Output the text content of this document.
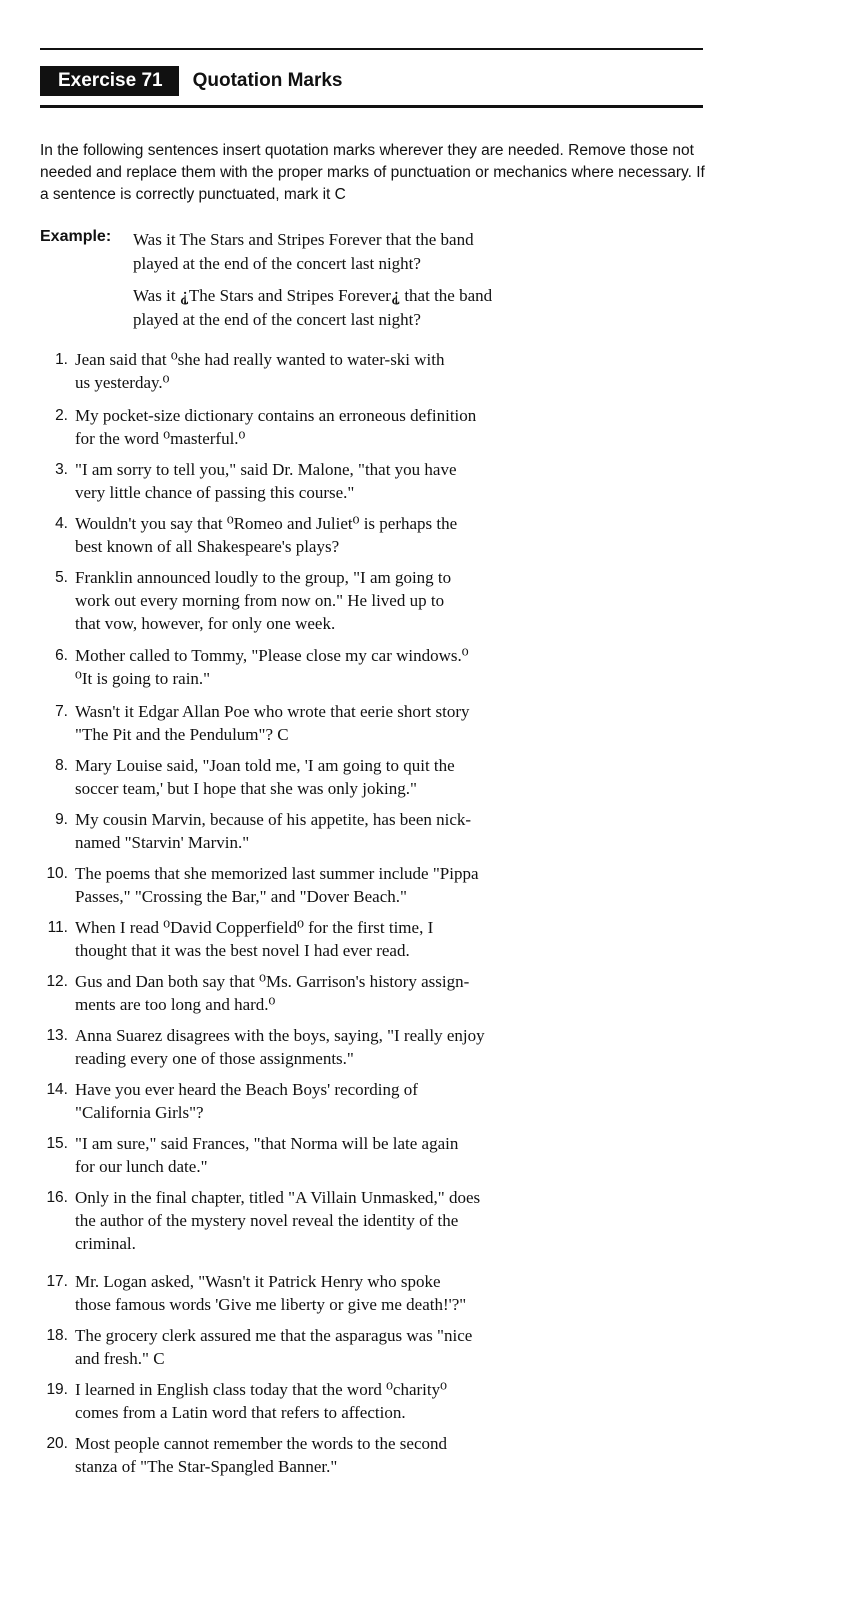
Exercise 71	Quotation Marks
In the following sentences insert quotation marks wherever they are needed. Remove those not needed and replace them with the proper marks of punctuation or mechanics where necessary. If a sentence is correctly punctuated, mark it C
Example: Was it The Stars and Stripes Forever that the band
played at the end of the concert last night?
Was it ⸘The Stars and Stripes Forever⸘ that the band
played at the end of the concert last night?
1. Jean said that ⁰she had really wanted to water-ski with
us yesterday.⁰
2. My pocket-size dictionary contains an erroneous definition
for the word ⁰masterful.⁰
3. "I am sorry to tell you," said Dr. Malone, "that you have
very little chance of passing this course."
4. Wouldn't you say that ⁰Romeo and Juliet⁰ is perhaps the
best known of all Shakespeare's plays?
5. Franklin announced loudly to the group, "I am going to
work out every morning from now on." He lived up to
that vow, however, for only one week.
6. Mother called to Tommy, "Please close my car windows.⁰
⁰It is going to rain."
7. Wasn't it Edgar Allan Poe who wrote that eerie short story
"The Pit and the Pendulum"? C
8. Mary Louise said, "Joan told me, 'I am going to quit the
soccer team,' but I hope that she was only joking."
9. My cousin Marvin, because of his appetite, has been nick-
named "Starvin' Marvin."
10. The poems that she memorized last summer include "Pippa
Passes," "Crossing the Bar," and "Dover Beach."
11. When I read ⁰David Copperfield⁰ for the first time, I
thought that it was the best novel I had ever read.
12. Gus and Dan both say that ⁰Ms. Garrison's history assign-
ments are too long and hard.⁰
13. Anna Suarez disagrees with the boys, saying, "I really enjoy
reading every one of those assignments."
14. Have you ever heard the Beach Boys' recording of
"California Girls"?
15. "I am sure," said Frances, "that Norma will be late again
for our lunch date."
16. Only in the final chapter, titled "A Villain Unmasked," does
the author of the mystery novel reveal the identity of the
criminal.
17. Mr. Logan asked, "Wasn't it Patrick Henry who spoke
those famous words 'Give me liberty or give me death!'?"
18. The grocery clerk assured me that the asparagus was "nice
and fresh." C
19. I learned in English class today that the word ⁰charity⁰
comes from a Latin word that refers to affection.
20. Most people cannot remember the words to the second
stanza of "The Star-Spangled Banner."
